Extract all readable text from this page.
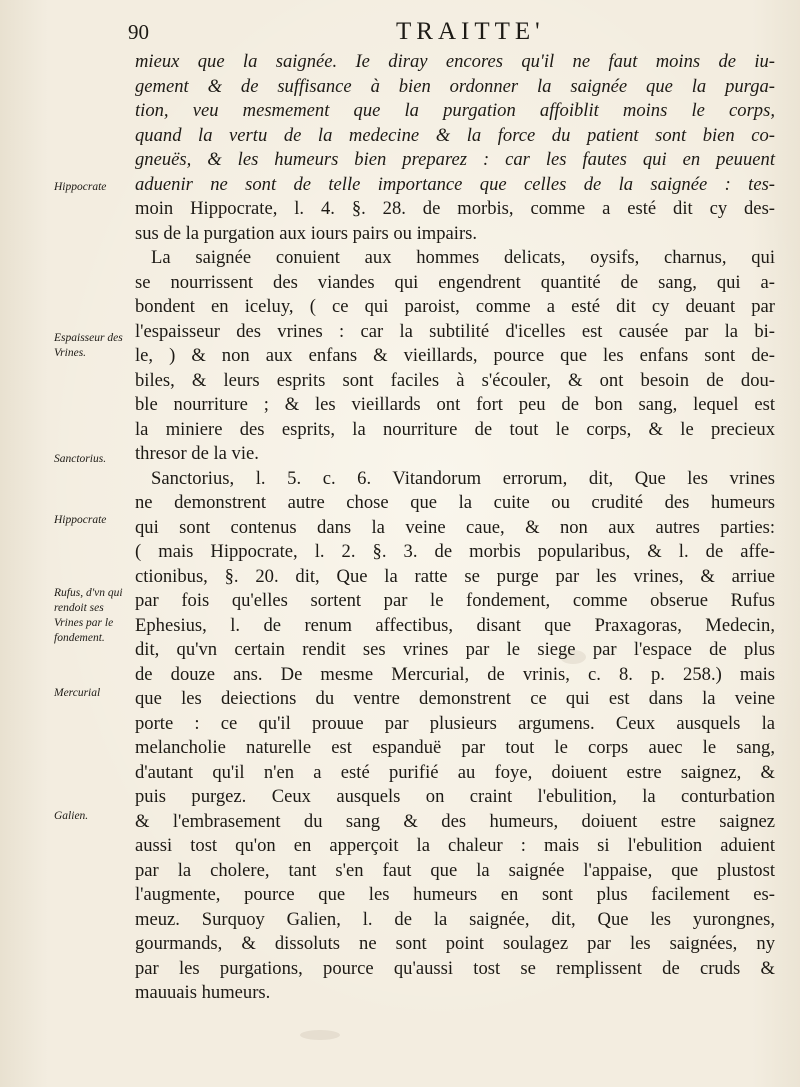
90	TRAITTE'
Hippocrate
Espaisseur des Vrines.
Sanctorius.
Hippocrate
Rufus, d'vn qui rendoit ses Vrines par le fondement.
Mercurial
Galien.
mieux que la saignée. Ie diray encores qu'il ne faut moins de iu-
gement & de suffisance à bien ordonner la saignée que la purga-
tion, veu mesmement que la purgation affoiblit moins le corps,
quand la vertu de la medecine & la force du patient sont bien co-
gneuës, & les humeurs bien preparez : car les fautes qui en peuuent
aduenir ne sont de telle importance que celles de la saignée : tes-
moin Hippocrate, l. 4. §. 28. de morbis, comme a esté dit cy des-
sus de la purgation aux iours pairs ou impairs.
La saignée conuient aux hommes delicats, oysifs, charnus, qui
se nourrissent des viandes qui engendrent quantité de sang, qui a-
bondent en iceluy, ( ce qui paroist, comme a esté dit cy deuant par
l'espaisseur des vrines : car la subtilité d'icelles est causée par la bi-
le, ) & non aux enfans & vieillards, pource que les enfans sont de-
biles, & leurs esprits sont faciles à s'écouler, & ont besoin de dou-
ble nourriture ; & les vieillards ont fort peu de bon sang, lequel est
la miniere des esprits, la nourriture de tout le corps, & le precieux
thresor de la vie.
Sanctorius, l. 5. c. 6. Vitandorum errorum, dit, Que les vrines
ne demonstrent autre chose que la cuite ou crudité des humeurs
qui sont contenus dans la veine caue, & non aux autres parties:
( mais Hippocrate, l. 2. §. 3. de morbis popularibus, & l. de affe-
ctionibus, §. 20. dit, Que la ratte se purge par les vrines, & arriue
par fois qu'elles sortent par le fondement, comme obserue Rufus
Ephesius, l. de renum affectibus, disant que Praxagoras, Medecin,
dit, qu'vn certain rendit ses vrines par le siege par l'espace de plus
de douze ans. De mesme Mercurial, de vrinis, c. 8. p. 258.) mais
que les deiections du ventre demonstrent ce qui est dans la veine
porte : ce qu'il prouue par plusieurs argumens. Ceux ausquels la
melancholie naturelle est espanduë par tout le corps auec le sang,
d'autant qu'il n'en a esté purifié au foye, doiuent estre saignez, &
puis purgez. Ceux ausquels on craint l'ebulition, la conturbation
& l'embrasement du sang & des humeurs, doiuent estre saignez
aussi tost qu'on en apperçoit la chaleur : mais si l'ebulition aduient
par la cholere, tant s'en faut que la saignée l'appaise, que plustost
l'augmente, pource que les humeurs en sont plus facilement es-
meuz. Surquoy Galien, l. de la saignée, dit, Que les yurongnes,
gourmands, & dissoluts ne sont point soulagez par les saignées, ny
par les purgations, pource qu'aussi tost se remplissent de cruds &
mauuais humeurs.
